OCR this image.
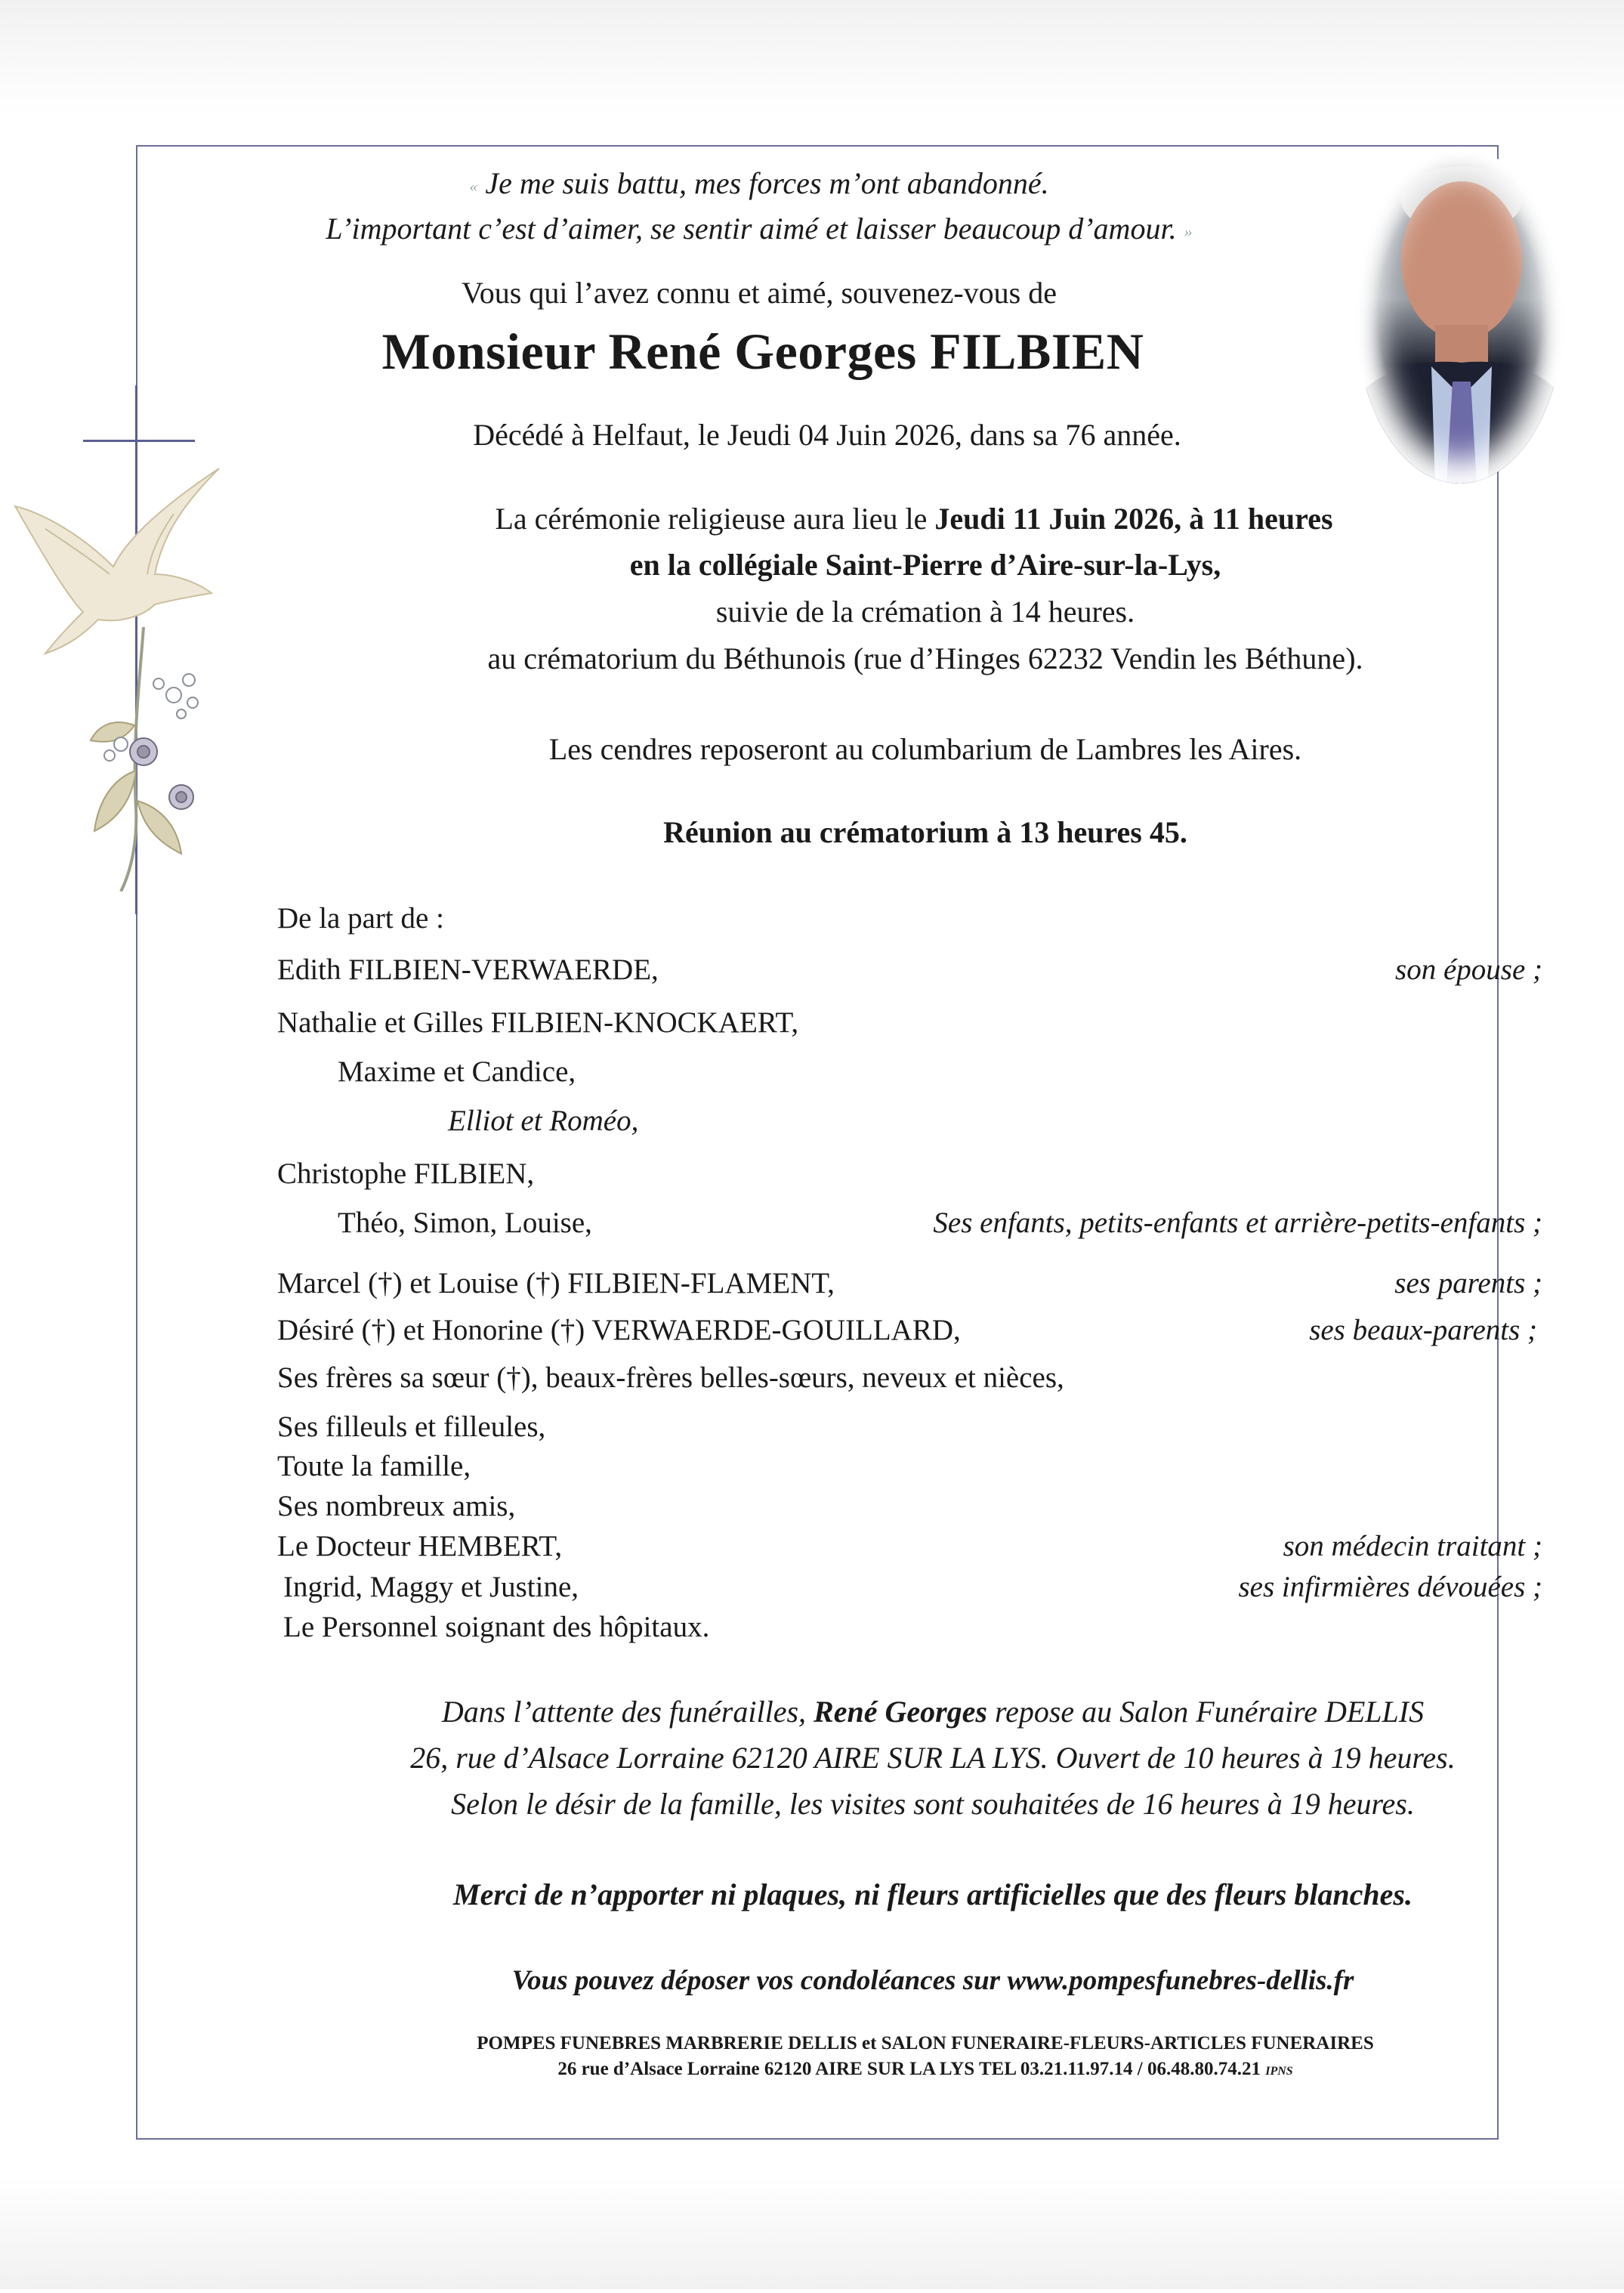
« Je me suis battu, mes forces m’ont abandonné.
L’important c’est d’aimer, se sentir aimé et laisser beaucoup d’amour. »
Vous qui l’avez connu et aimé, souvenez-vous de
Monsieur René Georges FILBIEN
Décédé à Helfaut, le Jeudi 04 Juin 2026, dans sa 76 année.
La cérémonie religieuse aura lieu le Jeudi 11 Juin 2026, à 11 heures
en la collégiale Saint-Pierre d’Aire-sur-la-Lys,
suivie de la crémation à 14 heures.
au crématorium du Béthunois (rue d’Hinges 62232 Vendin les Béthune).
Les cendres reposeront au columbarium de Lambres les Aires.
Réunion au crématorium à 13 heures 45.
De la part de :
Edith FILBIEN-VERWAERDE,	son épouse ;
Nathalie et Gilles FILBIEN-KNOCKAERT,
Maxime et Candice,
Elliot et Roméo,
Christophe FILBIEN,
Théo, Simon, Louise,	Ses enfants, petits-enfants et arrière-petits-enfants ;
Marcel (†) et Louise (†) FILBIEN-FLAMENT,	ses parents ;
Désiré (†) et Honorine (†) VERWAERDE-GOUILLARD,	ses beaux-parents ;
Ses frères sa sœur (†), beaux-frères belles-sœurs, neveux et nièces,
Ses filleuls et filleules,
Toute la famille,
Ses nombreux amis,
Le Docteur HEMBERT,	son médecin traitant ;
Ingrid, Maggy et Justine,	ses infirmières dévouées ;
Le Personnel soignant des hôpitaux.
Dans l’attente des funérailles, René Georges repose au Salon Funéraire DELLIS
26, rue d’Alsace Lorraine 62120 AIRE SUR LA LYS. Ouvert de 10 heures à 19 heures.
Selon le désir de la famille, les visites sont souhaitées de 16 heures à 19 heures.
Merci de n’apporter ni plaques, ni fleurs artificielles que des fleurs blanches.
Vous pouvez déposer vos condoléances sur www.pompesfunebres-dellis.fr
POMPES FUNEBRES MARBRERIE DELLIS et SALON FUNERAIRE-FLEURS-ARTICLES FUNERAIRES
26 rue d’Alsace Lorraine 62120 AIRE SUR LA LYS TEL 03.21.11.97.14 / 06.48.80.74.21 IPNS
